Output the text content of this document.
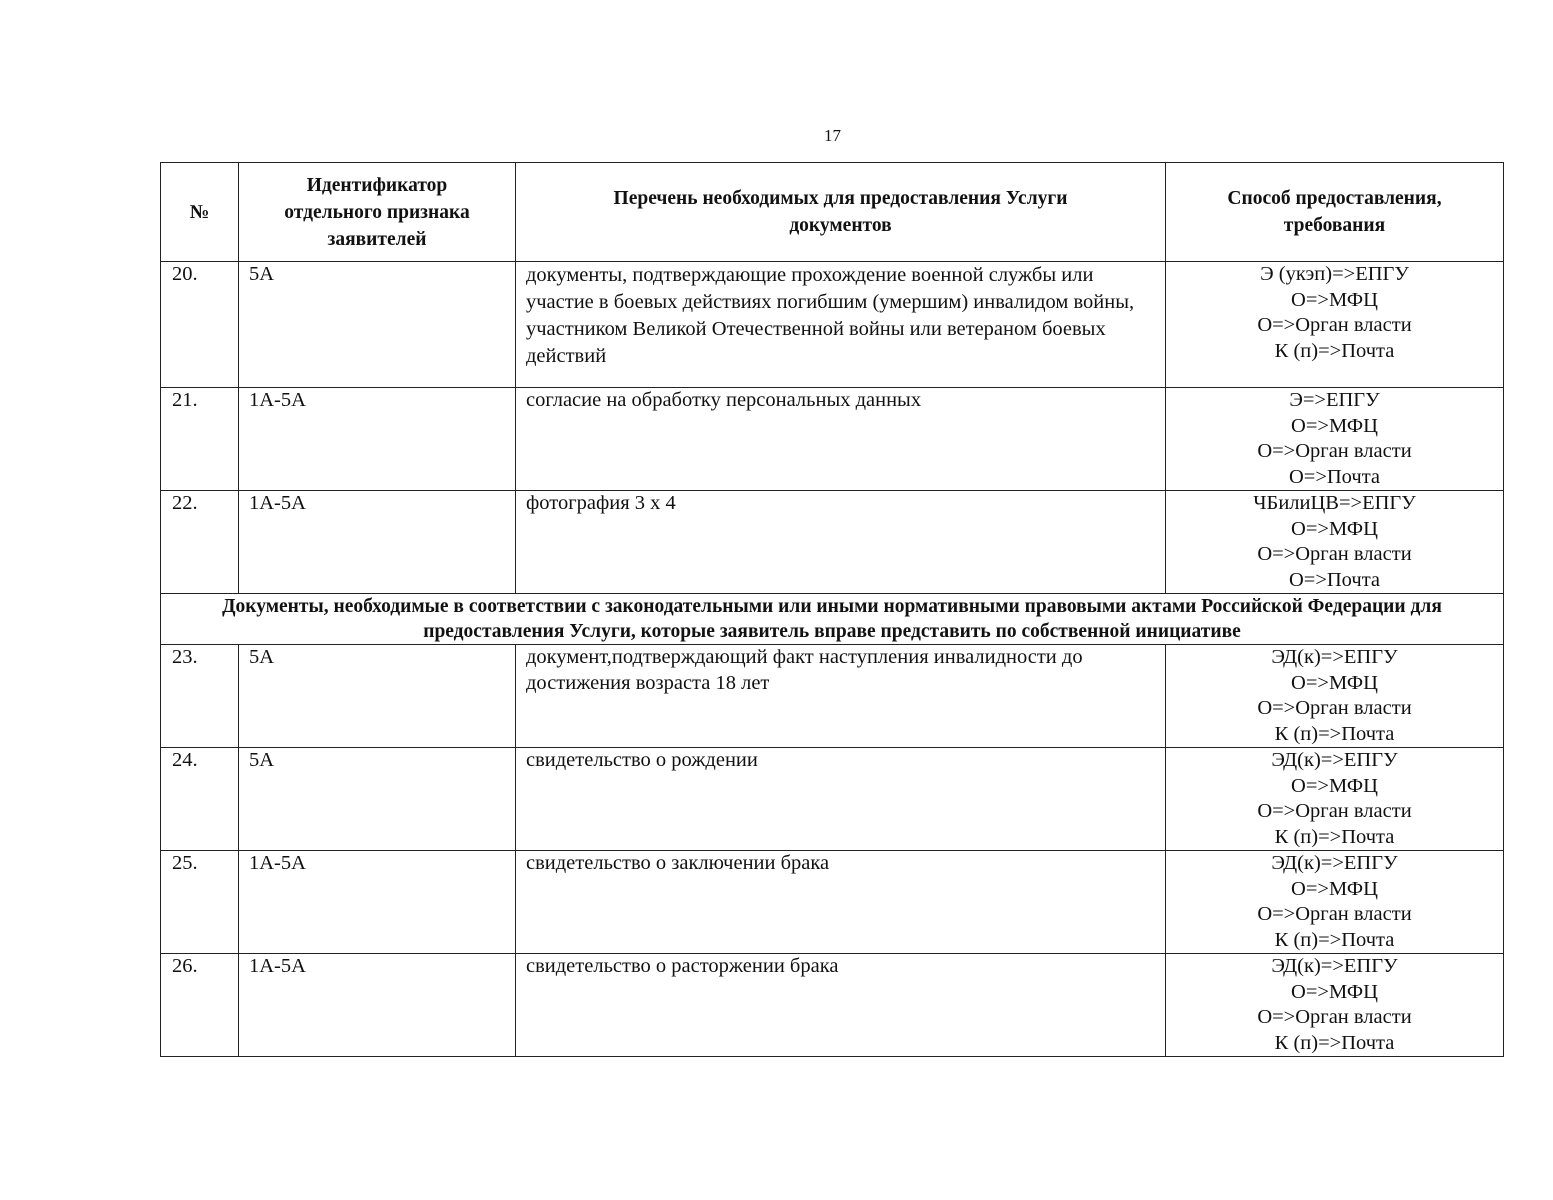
17
№	Идентификатор отдельного признака заявителей	Перечень необходимых для предоставления Услуги документов	Способ предоставления, требования
20.	5А	документы, подтверждающие прохождение военной службы или участие в боевых действиях погибшим (умершим) инвалидом войны, участником Великой Отечественной войны или ветераном боевых действий	Э (укэп)=>ЕПГУ
О=>МФЦ
О=>Орган власти
К (п)=>Почта

21.	1А-5А	согласие на обработку персональных данных	Э=>ЕПГУ
О=>МФЦ
О=>Орган власти
О=>Почта

22.	1А-5А	фотография 3 х 4	ЧБилиЦВ=>ЕПГУ
О=>МФЦ
О=>Орган власти
О=>Почта

Документы, необходимые в соответствии с законодательными или иными нормативными правовыми актами Российской Федерации для предоставления Услуги, которые заявитель вправе представить по собственной инициативе			
23.	5А	документ,подтверждающий факт наступления инвалидности до достижения возраста 18 лет	ЭД(к)=>ЕПГУ
О=>МФЦ
О=>Орган власти
К (п)=>Почта

24.	5А	свидетельство о рождении	ЭД(к)=>ЕПГУ
О=>МФЦ
О=>Орган власти
К (п)=>Почта

25.	1А-5А	свидетельство о заключении брака	ЭД(к)=>ЕПГУ
О=>МФЦ
О=>Орган власти
К (п)=>Почта

26.	1А-5А	свидетельство о расторжении брака	ЭД(к)=>ЕПГУ
О=>МФЦ
О=>Орган власти
К (п)=>Почта
